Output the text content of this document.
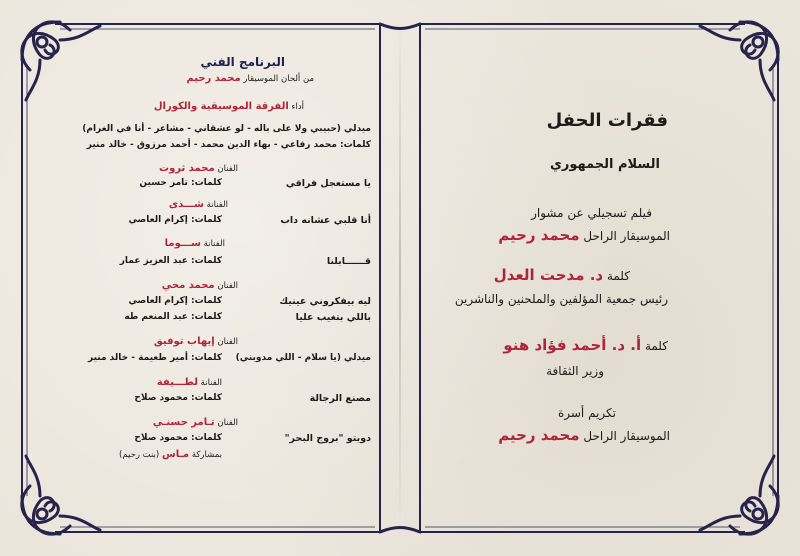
البرنامج الفني
من ألحان الموسيقار محمد رحيم
أداء الفرقة الموسيقية والكورال
ميدلي (حبيبي ولا على باله - لو عشقاني - مشاعر - أنا في الغرام)
كلمات: محمد رفاعي - بهاء الدين محمد - أحمد مرزوق - خالد منير
الفنان محمد ثروت
يا مستعجل فراقي
كلمات: تامر حسين
الفنانة شـــذى
أنا قلبي عشانه داب
كلمات: إكرام العاصي
الفنانة ســـوما
قــــــابلنا
كلمات: عبد العزيز عمار
الفنان محمد محي
ليه بيفكروني عينيك
كلمات: إكرام العاصي
باللي بتغيب عليا
كلمات: عبد المنعم طه
الفنان إيهاب توفيق
ميدلي (يا سلام - اللي مدوبني)
كلمات: أمير طعيمة - خالد منير
الفنانة لطـــيفة
مصنع الرجالة
كلمات: محمود صلاح
الفنان تـامر حسنـي
دويتو "بروج البحر"
كلمات: محمود صلاح
بمشاركة مـاس (بنت رحيم)
فقرات الحفل
السلام الجمهوري
فيلم تسجيلي عن مشوار
الموسيقار الراحل محمد رحيم
كلمة د. مدحت العدل
رئيس جمعية المؤلفين والملحنين والناشرين
كلمة أ. د. أحمد فؤاد هنو
وزير الثقافة
تكريم أسرة
الموسيقار الراحل محمد رحيم
